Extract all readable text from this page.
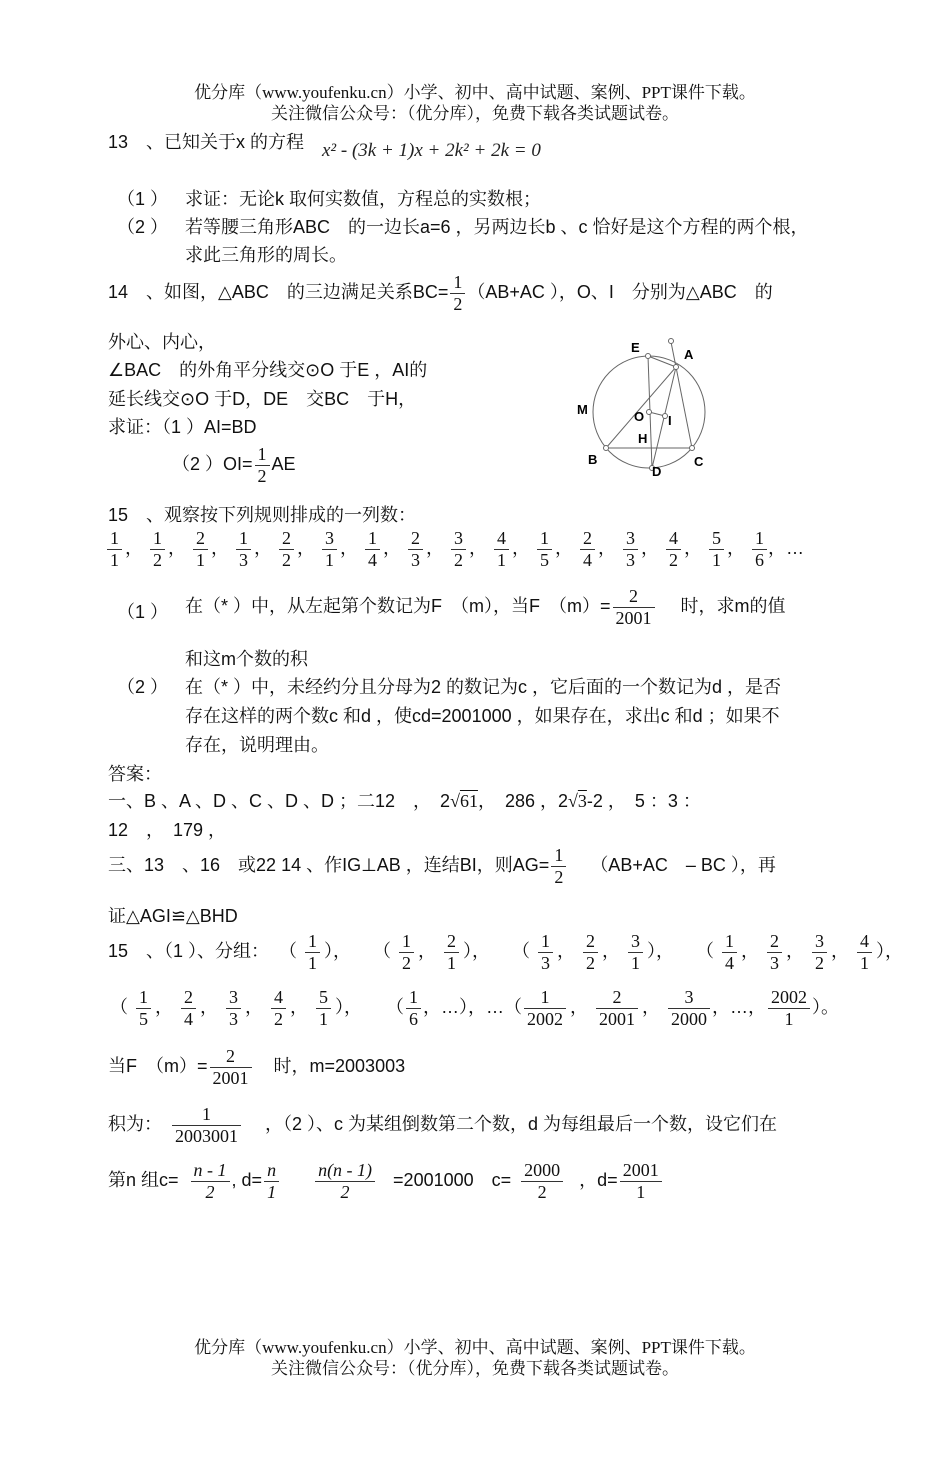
优分库（www.youfenku.cn）小学、初中、高中试题、案例、PPT课件下载。
关注微信公众号：（优分库），免费下载各类试题试卷。
13　、已知关于x 的方程 x² - (3k + 1)x + 2k² + 2k = 0
（1 ） 求证：无论k 取何实数值，方程总的实数根；
（2 ） 若等腰三角形ABC　的一边长a=6 ，另两边长b 、c 恰好是这个方程的两个根，
求此三角形的周长。
14　、如图，△ABC　的三边满足关系$BC= \frac{1}{2} (AB+AC$ ），O、I　分别为△ABC　的
外心、内心，
∠BAC　的外角平分线交⊙O 于E ，AI的
延长线交⊙O 于D，DE　交BC　于H，
求证：（1 ）AI=BD
（2 ）$OI= \frac{1}{2}$ AE
E	A
M	O I
H
B	C
D
15　、观察按下列规则排成的一列数：
$\frac{1}{1}$ ， $\frac{1}{2}$ ， $\frac{2}{1}$ ， $\frac{1}{3}$ ， $\frac{2}{2}$ ， $\frac{3}{1}$ ， $\frac{1}{4}$ ， $\frac{2}{3}$ ， $\frac{3}{2}$ ， $\frac{4}{1}$ ， $\frac{1}{5}$ ， $\frac{2}{4}$ ， $\frac{3}{3}$ ， $\frac{4}{2}$ ， $\frac{5}{1}$ ， $\frac{1}{6}$ ，…
（1 ） 在（* ）中，从左起第个数记为F　（m），当F　$(m)= \frac{2}{2001}$ 时，求m的值
和这m个数的积
（2 ） 在（* ）中，未经约分且分母为2 的数记为c ，它后面的一个数记为d ，是否
存在这样的两个数c 和d ，使cd=2001000 ，如果存在，求出c 和d ；如果不
存在，说明理由。
答案：
一、B 、A 、D 、C 、D 、D ；二12　，　2√61，　286 ，2√3-2 ，　5 ：3 ：
12　，　179 ，
三、13　、16　或22 14 、作IG⊥AB ，连结BI，则$AG= \frac{1}{2} (AB+AC$　– BC ），再
证△AGI≌△BHD
15　、（1 ）、分组： （ $\frac{1}{1}$ ）， （ $\frac{1}{2}$ ， $\frac{2}{1}$ ）， （ $\frac{1}{3}$ ， $\frac{2}{2}$ ， $\frac{3}{1}$ ）， （ $\frac{1}{4}$ ， $\frac{2}{3}$ ， $\frac{3}{2}$ ， $\frac{4}{1}$ ），
（ $\frac{1}{5}$ ， $\frac{2}{4}$ ， $\frac{3}{3}$ ， $\frac{4}{2}$ ， $\frac{5}{1}$ ）， （ $\frac{1}{6}$ ，…），…（ $\frac{1}{2002}$ ， $\frac{2}{2001}$ ， $\frac{3}{2000}$ ，…， $\frac{2002}{1}$ ）。
当F　$(m)= \frac{2}{2001}$ 时，m=2003003
积为： $\frac{1}{2003001}$ ，（2 ）、c 为某组倒数第二个数，d 为每组最后一个数，设它们在
第n 组$c= \frac{n - 1}{2}$ , $d= \frac{n}{1} \frac{n(n - 1)}{2} =2001000$　$c= \frac{2000}{2}$ ，$d= \frac{2001}{1}$
优分库（www.youfenku.cn）小学、初中、高中试题、案例、PPT课件下载。
关注微信公众号：（优分库），免费下载各类试题试卷。
